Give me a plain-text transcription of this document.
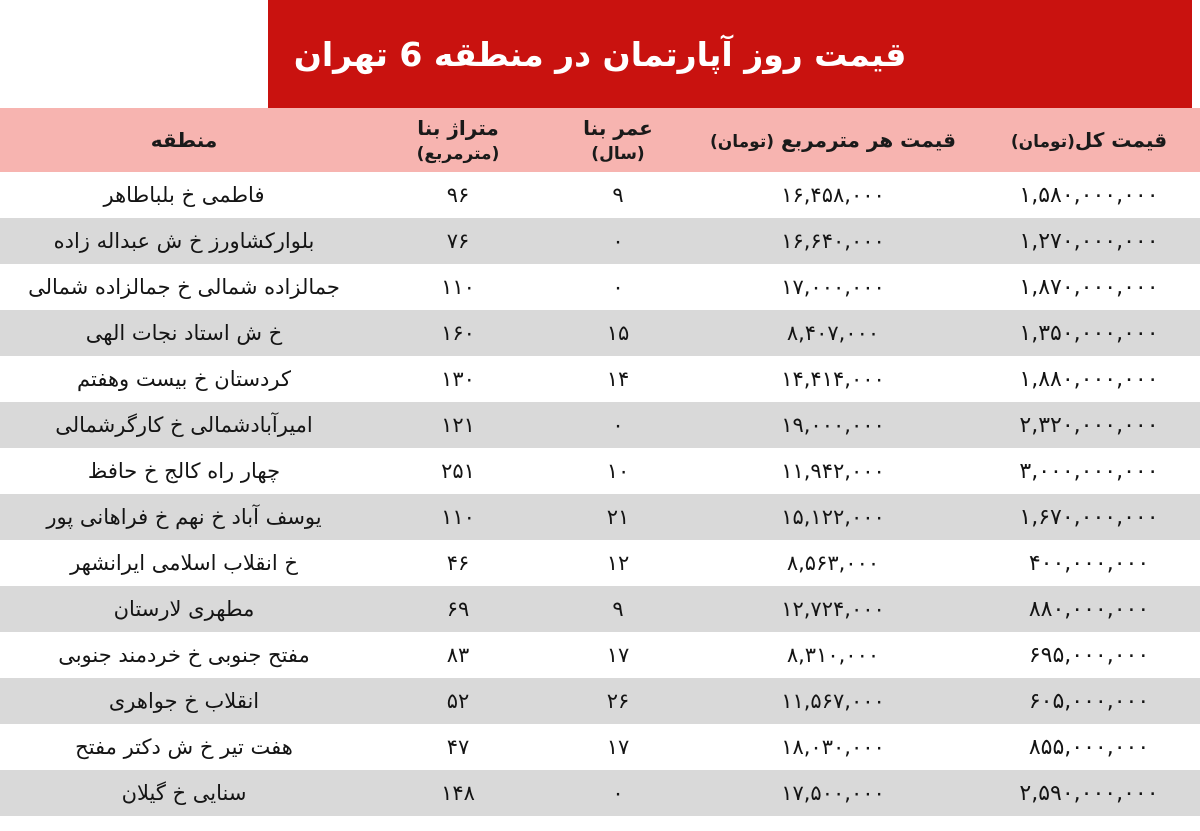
قیمت روز آپارتمان در منطقه 6 تهران
قیمت کل(تومان)	قیمت هر مترمربع (تومان)	عمر بنا (سال)	متراژ بنا (مترمربع)	منطقه
۱,۵۸۰,۰۰۰,۰۰۰	۱۶,۴۵۸,۰۰۰	۹	۹۶	فاطمی خ بلباطاهر
۱,۲۷۰,۰۰۰,۰۰۰	۱۶,۶۴۰,۰۰۰	۰	۷۶	بلوارکشاورز خ ش عبداله زاده
۱,۸۷۰,۰۰۰,۰۰۰	۱۷,۰۰۰,۰۰۰	۰	۱۱۰	جمالزاده شمالی خ جمالزاده شمالی
۱,۳۵۰,۰۰۰,۰۰۰	۸,۴۰۷,۰۰۰	۱۵	۱۶۰	خ ش استاد نجات الهی
۱,۸۸۰,۰۰۰,۰۰۰	۱۴,۴۱۴,۰۰۰	۱۴	۱۳۰	کردستان خ بیست وهفتم
۲,۳۲۰,۰۰۰,۰۰۰	۱۹,۰۰۰,۰۰۰	۰	۱۲۱	امیرآبادشمالی خ کارگرشمالی
۳,۰۰۰,۰۰۰,۰۰۰	۱۱,۹۴۲,۰۰۰	۱۰	۲۵۱	چهار راه کالج خ حافظ
۱,۶۷۰,۰۰۰,۰۰۰	۱۵,۱۲۲,۰۰۰	۲۱	۱۱۰	یوسف آباد خ نهم خ فراهانی پور
۴۰۰,۰۰۰,۰۰۰	۸,۵۶۳,۰۰۰	۱۲	۴۶	خ انقلاب اسلامی ایرانشهر
۸۸۰,۰۰۰,۰۰۰	۱۲,۷۲۴,۰۰۰	۹	۶۹	مطهری لارستان
۶۹۵,۰۰۰,۰۰۰	۸,۳۱۰,۰۰۰	۱۷	۸۳	مفتح جنوبی خ خردمند جنوبی
۶۰۵,۰۰۰,۰۰۰	۱۱,۵۶۷,۰۰۰	۲۶	۵۲	انقلاب خ جواهری
۸۵۵,۰۰۰,۰۰۰	۱۸,۰۳۰,۰۰۰	۱۷	۴۷	هفت تیر خ ش دکتر مفتح
۲,۵۹۰,۰۰۰,۰۰۰	۱۷,۵۰۰,۰۰۰	۰	۱۴۸	سنایی خ گیلان
